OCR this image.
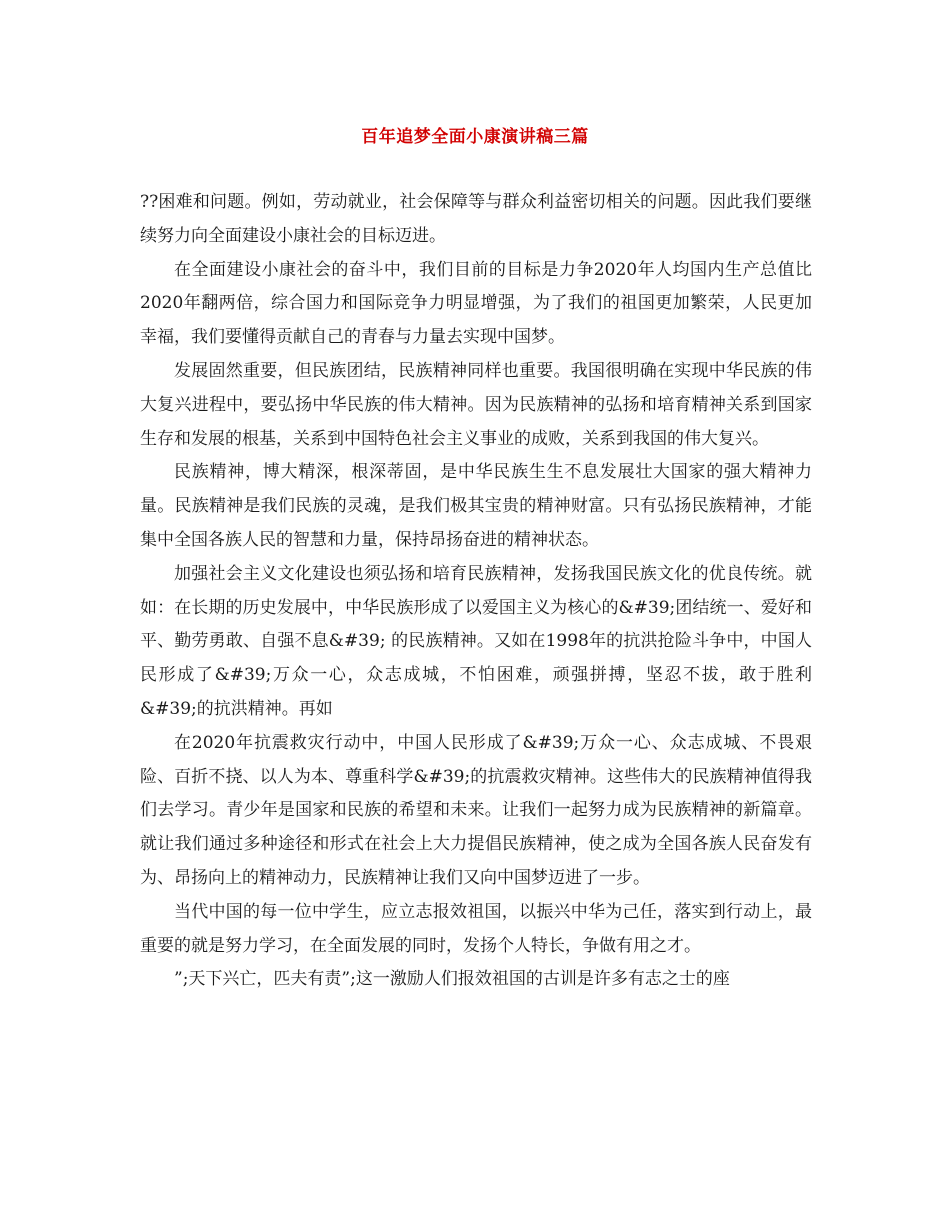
百年追梦全面小康演讲稿三篇

??困难和问题。例如，劳动就业，社会保障等与群众利益密切相关的问题。因此我们要继续努力向全面建设小康社会的目标迈进。

在全面建设小康社会的奋斗中，我们目前的目标是力争2020年人均国内生产总值比2020年翻两倍，综合国力和国际竞争力明显增强，为了我们的祖国更加繁荣，人民更加幸福，我们要懂得贡献自己的青春与力量去实现中国梦。

发展固然重要，但民族团结，民族精神同样也重要。我国很明确在实现中华民族的伟大复兴进程中，要弘扬中华民族的伟大精神。因为民族精神的弘扬和培育精神关系到国家生存和发展的根基，关系到中国特色社会主义事业的成败，关系到我国的伟大复兴。

民族精神，博大精深，根深蒂固，是中华民族生生不息发展壮大国家的强大精神力量。民族精神是我们民族的灵魂，是我们极其宝贵的精神财富。只有弘扬民族精神，才能集中全国各族人民的智慧和力量，保持昂扬奋进的精神状态。

加强社会主义文化建设也须弘扬和培育民族精神，发扬我国民族文化的优良传统。就如：在长期的历史发展中，中华民族形成了以爱国主义为核心的&#39;团结统一、爱好和平、勤劳勇敢、自强不息&#39; 的民族精神。又如在1998年的抗洪抢险斗争中，中国人民形成了&#39;万众一心，众志成城，不怕困难，顽强拼搏，坚忍不拔，敢于胜利&#39;的抗洪精神。再如

在2020年抗震救灾行动中，中国人民形成了&#39;万众一心、众志成城、不畏艰险、百折不挠、以人为本、尊重科学&#39;的抗震救灾精神。这些伟大的民族精神值得我们去学习。青少年是国家和民族的希望和未来。让我们一起努力成为民族精神的新篇章。就让我们通过多种途径和形式在社会上大力提倡民族精神，使之成为全国各族人民奋发有为、昂扬向上的精神动力，民族精神让我们又向中国梦迈进了一步。

当代中国的每一位中学生，应立志报效祖国，以振兴中华为己任，落实到行动上，最重要的就是努力学习，在全面发展的同时，发扬个人特长，争做有用之才。

”;天下兴亡，匹夫有责”;这一激励人们报效祖国的古训是许多有志之士的座
